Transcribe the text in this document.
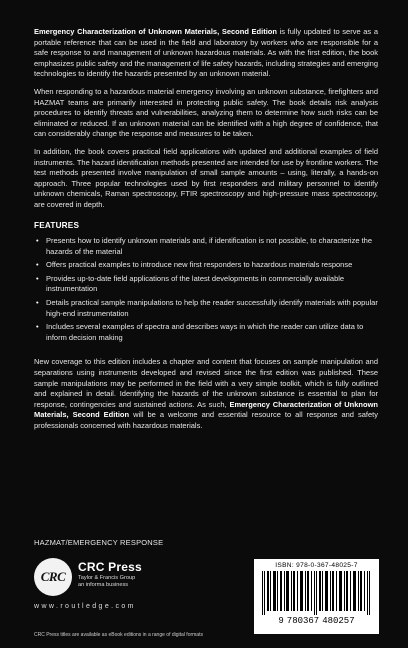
Emergency Characterization of Unknown Materials, Second Edition is fully updated to serve as a portable reference that can be used in the field and laboratory by workers who are responsible for a safe response to and management of unknown hazardous materials. As with the first edition, the book emphasizes public safety and the management of life safety hazards, including strategies and emerging technologies to identify the hazards presented by an unknown material.

When responding to a hazardous material emergency involving an unknown substance, firefighters and HAZMAT teams are primarily interested in protecting public safety. The book details risk analysis procedures to identify threats and vulnerabilities, analyzing them to determine how such risks can be eliminated or reduced. If an unknown material can be identified with a high degree of confidence, that can considerably change the response and measures to be taken.

In addition, the book covers practical field applications with updated and additional examples of field instruments. The hazard identification methods presented are intended for use by frontline workers. The test methods presented involve manipulation of small sample amounts – using, literally, a hands-on approach. Three popular technologies used by first responders and military personnel to identify unknown chemicals, Raman spectroscopy, FTIR spectroscopy and high-pressure mass spectroscopy, are covered in depth.

FEATURES
• Presents how to identify unknown materials and, if identification is not possible, to characterize the hazards of the material
• Offers practical examples to introduce new first responders to hazardous materials response
• Provides up-to-date field applications of the latest developments in commercially available instrumentation
• Details practical sample manipulations to help the reader successfully identify materials with popular high-end instrumentation
• Includes several examples of spectra and describes ways in which the reader can utilize data to inform decision making

New coverage to this edition includes a chapter and content that focuses on sample manipulation and separations using instruments developed and revised since the first edition was published. These sample manipulations may be performed in the field with a very simple toolkit, which is fully outlined and explained in detail. Identifying the hazards of the unknown substance is essential to plan for response, contingencies and sustained actions. As such, Emergency Characterization of Unknown Materials, Second Edition will be a welcome and essential resource to all response and safety professionals concerned with hazardous materials.

HAZMAT/EMERGENCY RESPONSE
CRC
CRC Press
Taylor & Francis Group
an informa business
www.routledge.com
CRC Press titles are available as eBook editions in a range of digital formats
ISBN: 978-0-367-48025-7
9 780367 480257
